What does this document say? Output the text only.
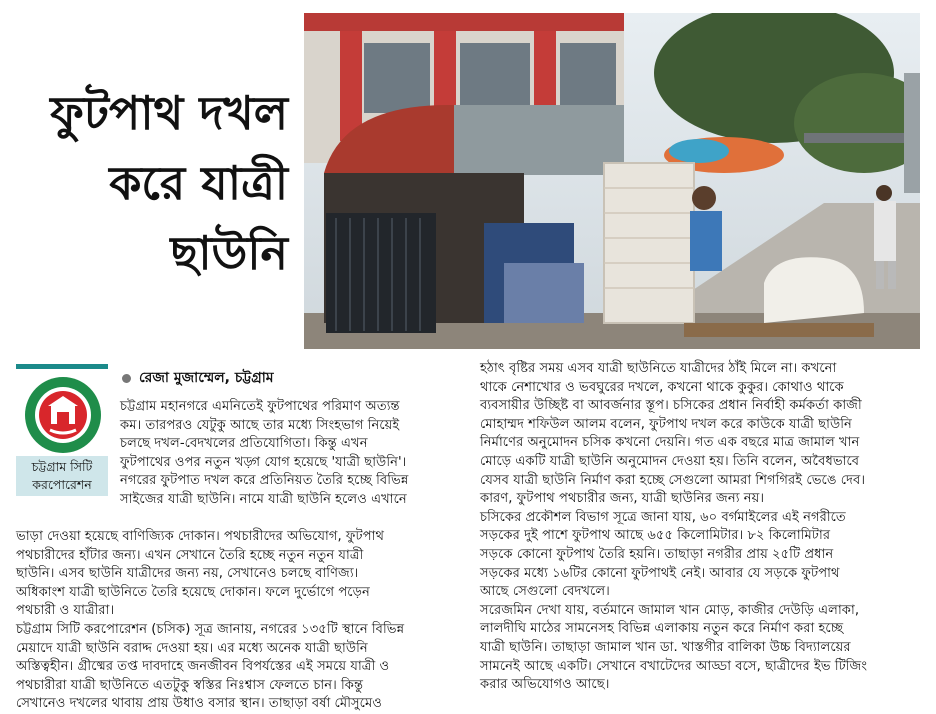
ফুটপাথ দখল
করে যাত্রী
ছাউনি
চট্টগ্রাম সিটি
করপোরেশন
রেজা মুজাম্মেল, চট্টগ্রাম

চট্টগ্রাম মহানগরে এমনিতেই ফুটপাথের পরিমাণ অত্যন্ত

কম। তারপরও যেটুকু আছে তার মধ্যে সিংহভাগ নিয়েই

চলছে দখল-বেদখলের প্রতিযোগিতা। কিন্তু এখন

ফুটপাথের ওপর নতুন খড়্গ যোগ হয়েছে 'যাত্রী ছাউনি'।

নগরের ফুটপাত দখল করে প্রতিনিয়ত তৈরি হচ্ছে বিভিন্ন

সাইজের যাত্রী ছাউনি। নামে যাত্রী ছাউনি হলেও এখানে

ভাড়া দেওয়া হয়েছে বাণিজ্যিক দোকান। পথচারীদের অভিযোগ, ফুটপাথ

পথচারীদের হাঁটার জন্য। এখন সেখানে তৈরি হচ্ছে নতুন নতুন যাত্রী

ছাউনি। এসব ছাউনি যাত্রীদের জন্য নয়, সেখানেও চলছে বাণিজ্য।

অধিকাংশ যাত্রী ছাউনিতে তৈরি হয়েছে দোকান। ফলে দুর্ভোগে পড়েন

পথচারী ও যাত্রীরা।

চট্টগ্রাম সিটি করপোরেশন (চসিক) সূত্র জানায়, নগরের ১৩৫টি স্থানে বিভিন্ন

মেয়াদে যাত্রী ছাউনি বরাদ্দ দেওয়া হয়। এর মধ্যে অনেক যাত্রী ছাউনি

অস্তিত্বহীন। গ্রীষ্মের তপ্ত দাবদাহে জনজীবন বিপর্যস্তের এই সময়ে যাত্রী ও

পথচারীরা যাত্রী ছাউনিতে এতটুকু স্বস্তির নিঃশ্বাস ফেলতে চান। কিন্তু

সেখানেও দখলের থাবায় প্রায় উধাও বসার স্থান। তাছাড়া বর্ষা মৌসুমেও

হঠাৎ বৃষ্টির সময় এসব যাত্রী ছাউনিতে যাত্রীদের ঠাঁই মিলে না। কখনো

থাকে নেশাখোর ও ভবঘুরের দখলে, কখনো থাকে কুকুর। কোথাও থাকে

ব্যবসায়ীর উচ্ছিষ্ট বা আবর্জনার স্তূপ। চসিকের প্রধান নির্বাহী কর্মকর্তা কাজী

মোহাম্মদ শফিউল আলম বলেন, ফুটপাথ দখল করে কাউকে যাত্রী ছাউনি

নির্মাণের অনুমোদন চসিক কখনো দেয়নি। গত এক বছরে মাত্র জামাল খান

মোড়ে একটি যাত্রী ছাউনি অনুমোদন দেওয়া হয়। তিনি বলেন, অবৈধভাবে

যেসব যাত্রী ছাউনি নির্মাণ করা হচ্ছে সেগুলো আমরা শিগগিরই ভেঙে দেব।

কারণ, ফুটপাথ পথচারীর জন্য, যাত্রী ছাউনির জন্য নয়।

চসিকের প্রকৌশল বিভাগ সূত্রে জানা যায়, ৬০ বর্গমাইলের এই নগরীতে

সড়কের দুই পাশে ফুটপাথ আছে ৬৫৫ কিলোমিটার। ৮২ কিলোমিটার

সড়কে কোনো ফুটপাথ তৈরি হয়নি। তাছাড়া নগরীর প্রায় ২৫টি প্রধান

সড়কের মধ্যে ১৬টির কোনো ফুটপাথই নেই। আবার যে সড়কে ফুটপাথ

আছে সেগুলো বেদখলে।

সরেজমিন দেখা যায়, বর্তমানে জামাল খান মোড়, কাজীর দেউড়ি এলাকা,

লালদীঘি মাঠের সামনেসহ বিভিন্ন এলাকায় নতুন করে নির্মাণ করা হচ্ছে

যাত্রী ছাউনি। তাছাড়া জামাল খান ডা. খাস্তগীর বালিকা উচ্চ বিদ্যালয়ের

সামনেই আছে একটি। সেখানে বখাটেদের আড্ডা বসে, ছাত্রীদের ইভ টিজিং

করার অভিযোগও আছে।
